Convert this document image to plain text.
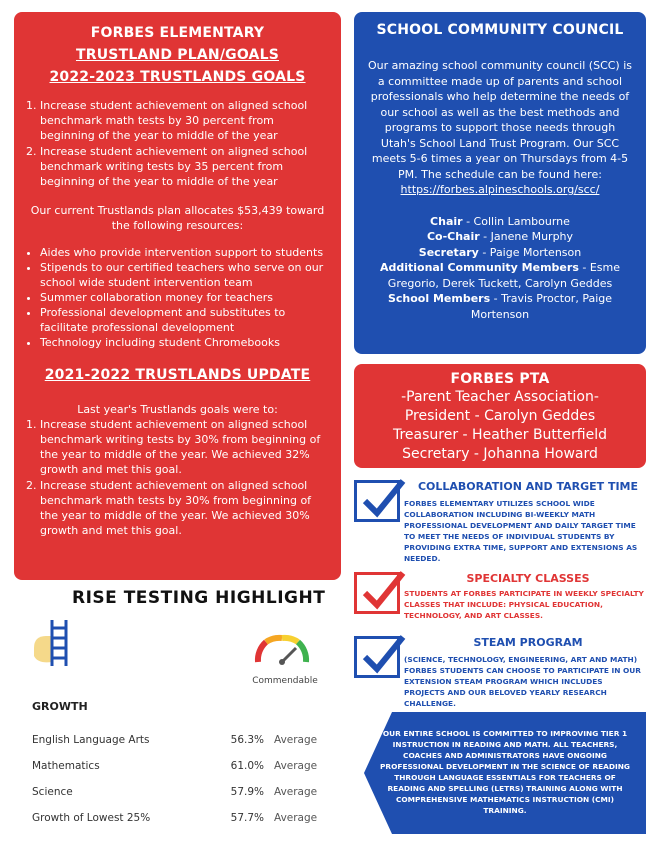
FORBES ELEMENTARY
TRUSTLAND PLAN/GOALS
2022-2023 TRUSTLANDS GOALS
1. Increase student achievement on aligned school benchmark math tests by 30 percent from beginning of the year to middle of the year
2. Increase student achievement on aligned school benchmark writing tests by 35 percent from beginning of the year to middle of the year
Our current Trustlands plan allocates $53,439 toward the following resources:
• Aides who provide intervention support to students
• Stipends to our certified teachers who serve on our school wide student intervention team
• Summer collaboration money for teachers
• Professional development and substitutes to facilitate professional development
• Technology including student Chromebooks
2021-2022 TRUSTLANDS UPDATE
Last year's Trustlands goals were to:
1. Increase student achievement on aligned school benchmark writing tests by 30% from beginning of the year to middle of the year. We achieved 32% growth and met this goal.
2. Increase student achievement on aligned school benchmark math tests by 30% from beginning of the year to middle of the year. We achieved 30% growth and met this goal.
SCHOOL COMMUNITY COUNCIL
Our amazing school community council (SCC) is a committee made up of parents and school professionals who help determine the needs of our school as well as the best methods and programs to support those needs through Utah's School Land Trust Program. Our SCC meets 5-6 times a year on Thursdays from 4-5 PM. The schedule can be found here:
https://forbes.alpineschools.org/scc/
Chair - Collin Lambourne
Co-Chair - Janene Murphy
Secretary - Paige Mortenson
Additional Community Members - Esme Gregorio, Derek Tuckett, Carolyn Geddes
School Members - Travis Proctor, Paige Mortenson
FORBES PTA
-Parent Teacher Association-
President - Carolyn Geddes
Treasurer - Heather Butterfield
Secretary - Johanna Howard
COLLABORATION AND TARGET TIME
FORBES ELEMENTARY UTILIZES SCHOOL WIDE COLLABORATION INCLUDING BI-WEEKLY MATH PROFESSIONAL DEVELOPMENT AND DAILY TARGET TIME TO MEET THE NEEDS OF INDIVIDUAL STUDENTS BY PROVIDING EXTRA TIME, SUPPORT AND EXTENSIONS AS NEEDED.
SPECIALTY CLASSES
STUDENTS AT FORBES PARTICIPATE IN WEEKLY SPECIALTY CLASSES THAT INCLUDE: PHYSICAL EDUCATION, TECHNOLOGY, AND ART CLASSES.
STEAM PROGRAM
(SCIENCE, TECHNOLOGY, ENGINEERING, ART AND MATH) FORBES STUDENTS CAN CHOOSE TO PARTICIPATE IN OUR EXTENSION STEAM PROGRAM WHICH INCLUDES PROJECTS AND OUR BELOVED YEARLY RESEARCH CHALLENGE.
OUR ENTIRE SCHOOL IS COMMITTED TO IMPROVING TIER 1 INSTRUCTION IN READING AND MATH. ALL TEACHERS, COACHES AND ADMINISTRATORS HAVE ONGOING PROFESSIONAL DEVELOPMENT IN THE SCIENCE OF READING THROUGH LANGUAGE ESSENTIALS FOR TEACHERS OF READING AND SPELLING (LETRS) TRAINING ALONG WITH COMPREHENSIVE MATHEMATICS INSTRUCTION (CMI) TRAINING.
RISE TESTING HIGHLIGHT
Commendable
GROWTH
English Language Arts	56.3% Average
Mathematics	61.0% Average
Science	57.9% Average
Growth of Lowest 25%	57.7% Average
